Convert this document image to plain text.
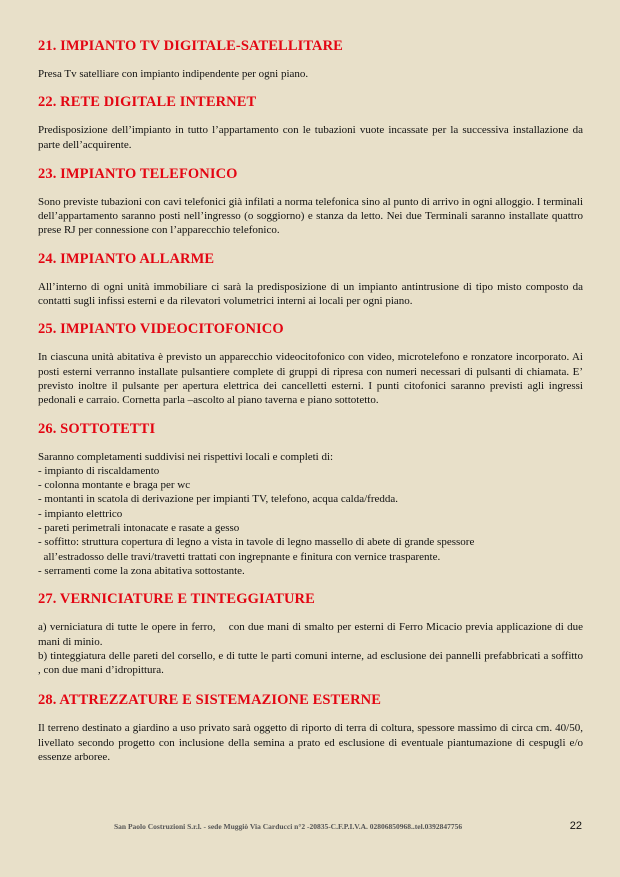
21. IMPIANTO TV DIGITALE-SATELLITARE

Presa Tv satelliare con impianto indipendente per ogni piano.

22. RETE DIGITALE INTERNET

Predisposizione dell’impianto in tutto l’appartamento con le tubazioni vuote incassate per la successiva installazione da parte dell’acquirente.

23. IMPIANTO TELEFONICO

Sono previste tubazioni con cavi telefonici già infilati a norma telefonica sino al punto di arrivo in ogni alloggio. I terminali dell’appartamento saranno posti nell’ingresso (o soggiorno) e stanza da letto. Nei due Terminali saranno installate quattro prese RJ per connessione con l’apparecchio telefonico.

24. IMPIANTO ALLARME

All’interno di ogni unità immobiliare ci sarà la predisposizione di un impianto antintrusione di tipo misto composto da contatti sugli infissi esterni e da rilevatori volumetrici interni ai locali per ogni piano.

25. IMPIANTO VIDEOCITOFONICO

In ciascuna unità abitativa è previsto un apparecchio videocitofonico con video, microtelefono e ronzatore incorporato. Ai posti esterni verranno installate pulsantiere complete di gruppi di ripresa con numeri necessari di pulsanti di chiamata. E’ previsto inoltre il pulsante per apertura elettrica dei cancelletti esterni. I punti citofonici saranno previsti agli ingressi pedonali e carraio. Cornetta parla –ascolto al piano taverna e piano sottotetto.

26. SOTTOTETTI

Saranno completamenti suddivisi nei rispettivi locali e completi di:

- impianto di riscaldamento
- colonna montante e braga per wc
- montanti in scatola di derivazione per impianti TV, telefono, acqua calda/fredda.
- impianto elettrico
- pareti perimetrali intonacate e rasate a gesso
- soffitto: struttura copertura di legno a vista in tavole di legno massello di abete di grande spessore
all’estradosso delle travi/travetti trattati con ingrepnante e finitura con vernice trasparente.
- serramenti come la zona abitativa sottostante.
27. VERNICIATURE E TINTEGGIATURE

a) verniciatura di tutte le opere in ferro,    con due mani di smalto per esterni di Ferro Micacio previa applicazione di due mani di minio.

b) tinteggiatura delle pareti del corsello, e di tutte le parti comuni interne, ad esclusione dei pannelli prefabbricati a soffitto , con due mani d’idropittura.

28. ATTREZZATURE E SISTEMAZIONE ESTERNE

Il terreno destinato a giardino a uso privato sarà oggetto di riporto di terra di coltura, spessore massimo di circa cm. 40/50, livellato secondo progetto con inclusione della semina a prato ed esclusione di eventuale piantumazione di cespugli e/o essenze arboree.

San Paolo Costruzioni S.r.l. - sede Muggiò Via Carducci n°2 -20835-C.F.P.I.V.A. 02806850968..tel.0392847756	22
